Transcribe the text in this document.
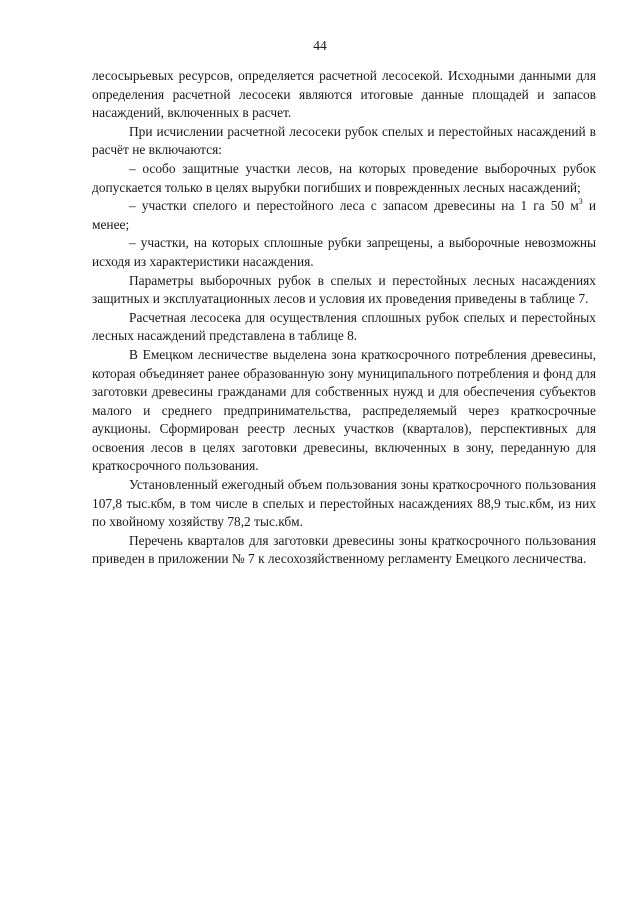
44

лесосырьевых ресурсов, определяется расчетной лесосекой. Исходными данными для определения расчетной лесосеки являются итоговые данные площадей и запасов насаждений, включенных в расчет.

При исчислении расчетной лесосеки рубок спелых и перестойных насаждений в расчёт не включаются:

– особо защитные участки лесов, на которых проведение выборочных рубок допускается только в целях вырубки погибших и поврежденных лесных насаждений;

– участки спелого и перестойного леса с запасом древесины на 1 га 50 $м^3$ и менее;

– участки, на которых сплошные рубки запрещены, а выборочные невозможны исходя из характеристики насаждения.

Параметры выборочных рубок в спелых и перестойных лесных насаждениях защитных и эксплуатационных лесов и условия их проведения приведены в таблице 7.

Расчетная лесосека для осуществления сплошных рубок спелых и перестойных лесных насаждений представлена в таблице 8.

В Емецком лесничестве выделена зона краткосрочного потребления древесины, которая объединяет ранее образованную зону муниципального потребления и фонд для заготовки древесины гражданами для собственных нужд и для обеспечения субъектов малого и среднего предпринимательства, распределяемый через краткосрочные аукционы. Сформирован реестр лесных участков (кварталов), перспективных для освоения лесов в целях заготовки древесины, включенных в зону, переданную для краткосрочного пользования.

Установленный ежегодный объем пользования зоны краткосрочного пользования 107,8 тыс.кбм, в том числе в спелых и перестойных насаждениях 88,9 тыс.кбм, из них по хвойному хозяйству 78,2 тыс.кбм.

Перечень кварталов для заготовки древесины зоны краткосрочного пользования приведен в приложении № 7 к лесохозяйственному регламенту Емецкого лесничества.
